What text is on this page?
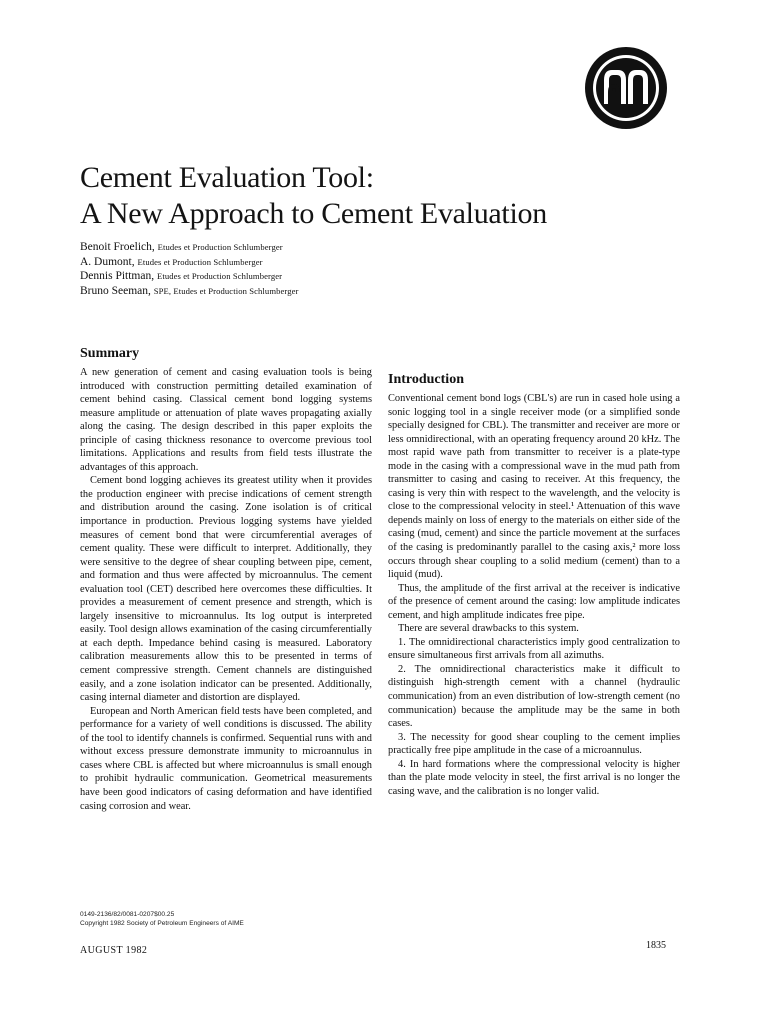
Cement Evaluation Tool:
A New Approach to Cement Evaluation
Benoit Froelich, Etudes et Production Schlumberger
A. Dumont, Etudes et Production Schlumberger
Dennis Pittman, Etudes et Production Schlumberger
Bruno Seeman, SPE, Etudes et Production Schlumberger
Summary

A new generation of cement and casing evaluation tools is being introduced with construction permitting detailed examination of cement behind casing. Classical cement bond logging systems measure amplitude or attenuation of plate waves propagating axially along the casing. The design described in this paper exploits the principle of casing thickness resonance to overcome previous tool limitations. Applications and results from field tests illustrate the advantages of this approach.

Cement bond logging achieves its greatest utility when it provides the production engineer with precise indications of cement strength and distribution around the casing. Zone isolation is of critical importance in production. Previous logging systems have yielded measures of cement bond that were circumferential averages of cement quality. These were difficult to interpret. Additionally, they were sensitive to the degree of shear coupling between pipe, cement, and formation and thus were affected by microannulus. The cement evaluation tool (CET) described here overcomes these difficulties. It provides a measurement of cement presence and strength, which is largely insensitive to microannulus. Its log output is interpreted easily. Tool design allows examination of the casing circumferentially at each depth. Impedance behind casing is measured. Laboratory calibration measurements allow this to be presented in terms of cement compressive strength. Cement channels are distinguished easily, and a zone isolation indicator can be presented. Additionally, casing internal diameter and distortion are displayed.

European and North American field tests have been completed, and performance for a variety of well conditions is discussed. The ability of the tool to identify channels is confirmed. Sequential runs with and without excess pressure demonstrate immunity to microannulus in cases where CBL is affected but where microannulus is small enough to prohibit hydraulic communication. Geometrical measurements have been good indicators of casing deformation and have identified casing corrosion and wear.

Introduction

Conventional cement bond logs (CBL's) are run in cased hole using a sonic logging tool in a single receiver mode (or a simplified sonde specially designed for CBL). The transmitter and receiver are more or less omnidirectional, with an operating frequency around 20 kHz. The most rapid wave path from transmitter to receiver is a plate-type mode in the casing with a compressional wave in the mud path from transmitter to casing and casing to receiver. At this frequency, the casing is very thin with respect to the wavelength, and the velocity is close to the compressional velocity in steel.¹ Attenuation of this wave depends mainly on loss of energy to the materials on either side of the casing (mud, cement) and since the particle movement at the surfaces of the casing is predominantly parallel to the casing axis,² more loss occurs through shear coupling to a solid medium (cement) than to a liquid (mud).

Thus, the amplitude of the first arrival at the receiver is indicative of the presence of cement around the casing: low amplitude indicates cement, and high amplitude indicates free pipe.

There are several drawbacks to this system.

1. The omnidirectional characteristics imply good centralization to ensure simultaneous first arrivals from all azimuths.

2. The omnidirectional characteristics make it difficult to distinguish high-strength cement with a channel (hydraulic communication) from an even distribution of low-strength cement (no communication) because the amplitude may be the same in both cases.

3. The necessity for good shear coupling to the cement implies practically free pipe amplitude in the case of a microannulus.

4. In hard formations where the compressional velocity is higher than the plate mode velocity in steel, the first arrival is no longer the casing wave, and the calibration is no longer valid.

0149-2136/82/0081-0207$00.25
Copyright 1982 Society of Petroleum Engineers of AIME
AUGUST 1982	1835
